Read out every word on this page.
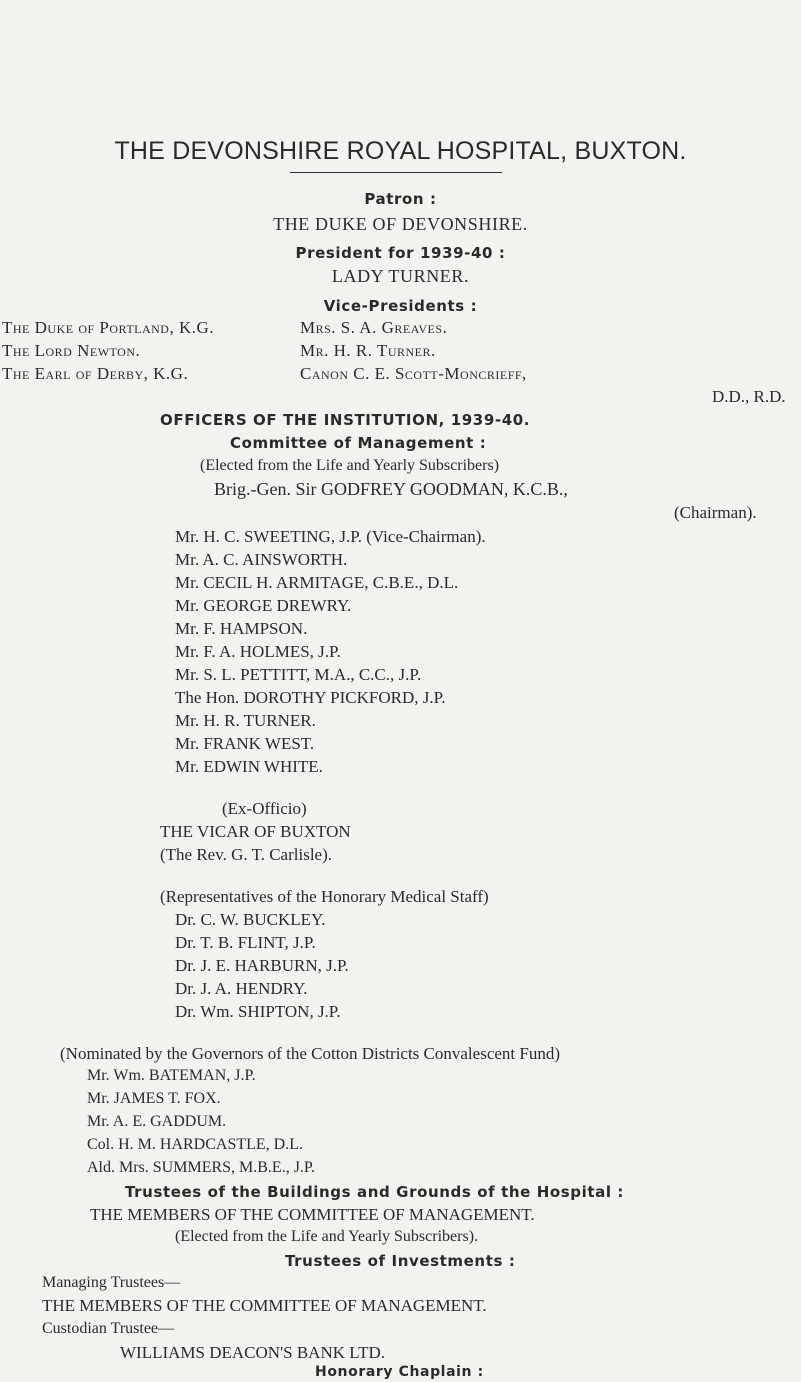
THE DEVONSHIRE ROYAL HOSPITAL, BUXTON.
Patron :
THE DUKE OF DEVONSHIRE.
President for 1939-40 :
LADY TURNER.
Vice-Presidents :
The Duke of Portland, K.G.
The Lord Newton.
The Earl of Derby, K.G.
Mrs. S. A. Greaves.
Mr. H. R. Turner.
Canon C. E. Scott-Moncrieff,
D.D., R.D.
OFFICERS OF THE INSTITUTION, 1939-40.
Committee of Management :
(Elected from the Life and Yearly Subscribers)
Brig.-Gen. Sir GODFREY GOODMAN, K.C.B.,
(Chairman).
Mr. H. C. SWEETING, J.P. (Vice-Chairman).
Mr. A. C. AINSWORTH.
Mr. CECIL H. ARMITAGE, C.B.E., D.L.
Mr. GEORGE DREWRY.
Mr. F. HAMPSON.
Mr. F. A. HOLMES, J.P.
Mr. S. L. PETTITT, M.A., C.C., J.P.
The Hon. DOROTHY PICKFORD, J.P.
Mr. H. R. TURNER.
Mr. FRANK WEST.
Mr. EDWIN WHITE.
(Ex-Officio)
THE VICAR OF BUXTON
(The Rev. G. T. Carlisle).
(Representatives of the Honorary Medical Staff)
Dr. C. W. BUCKLEY.
Dr. T. B. FLINT, J.P.
Dr. J. E. HARBURN, J.P.
Dr. J. A. HENDRY.
Dr. Wm. SHIPTON, J.P.
(Nominated by the Governors of the Cotton Districts Convalescent Fund)
Mr. Wm. BATEMAN, J.P.
Mr. JAMES T. FOX.
Mr. A. E. GADDUM.
Col. H. M. HARDCASTLE, D.L.
Ald. Mrs. SUMMERS, M.B.E., J.P.
Trustees of the Buildings and Grounds of the Hospital :
THE MEMBERS OF THE COMMITTEE OF MANAGEMENT.
(Elected from the Life and Yearly Subscribers).
Trustees of Investments :
Managing Trustees—
THE MEMBERS OF THE COMMITTEE OF MANAGEMENT.
Custodian Trustee—
WILLIAMS DEACON'S BANK LTD.
Honorary Chaplain :
